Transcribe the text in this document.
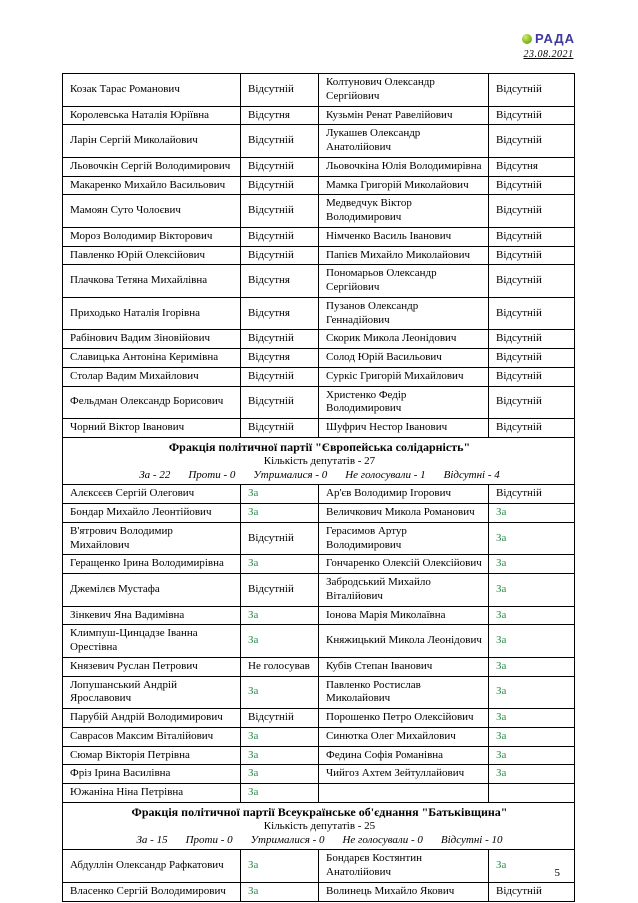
РАДА
23.08.2021
Козак Тарас Романович	Відсутній	Колтунович Олександр Сергійович	Відсутній
Королевська Наталія Юріївна	Відсутня	Кузьмін Ренат Равелійович	Відсутній
Ларін Сергій Миколайович	Відсутній	Лукашев Олександр Анатолійович	Відсутній
Льовочкін Сергій Володимирович	Відсутній	Льовочкіна Юлія Володимирівна	Відсутня
Макаренко Михайло Васильович	Відсутній	Мамка Григорій Миколайович	Відсутній
Мамоян Суто Чолоєвич	Відсутній	Медведчук Віктор Володимирович	Відсутній
Мороз Володимир Вікторович	Відсутній	Німченко Василь Іванович	Відсутній
Павленко Юрій Олексійович	Відсутній	Папієв Михайло Миколайович	Відсутній
Плачкова Тетяна Михайлівна	Відсутня	Пономарьов Олександр Сергійович	Відсутній
Приходько Наталія Ігорівна	Відсутня	Пузанов Олександр Геннадійович	Відсутній
Рабінович Вадим Зіновійович	Відсутній	Скорик Микола Леонідович	Відсутній
Славицька Антоніна Керимівна	Відсутня	Солод Юрій Васильович	Відсутній
Столар Вадим Михайлович	Відсутній	Суркіс Григорій Михайлович	Відсутній
Фельдман Олександр Борисович	Відсутній	Христенко Федір Володимирович	Відсутній
Чорний Віктор Іванович	Відсутній	Шуфрич Нестор Іванович	Відсутній

Фракція політичної партії "Європейська солідарність"
Кількість депутатів - 27
За - 22 Проти - 0 Утрималися - 0 Не голосували - 1 Відсутні - 4			

Алєксєєв Сергій Олегович	За	Ар'єв Володимир Ігорович	Відсутній
Бондар Михайло Леонтійович	За	Величкович Микола Романович	За
В'ятрович Володимир Михайлович	Відсутній	Герасимов Артур Володимирович	За
Геращенко Ірина Володимирівна	За	Гончаренко Олексій Олексійович	За
Джемілєв Мустафа	Відсутній	Забродський Михайло Віталійович	За
Зінкевич Яна Вадимівна	За	Іонова Марія Миколаївна	За
Климпуш-Цинцадзе Іванна Орестівна	За	Княжицький Микола Леонідович	За
Князевич Руслан Петрович	Не голосував	Кубів Степан Іванович	За
Лопушанський Андрій Ярославович	За	Павленко Ростислав Миколайович	За
Парубій Андрій Володимирович	Відсутній	Порошенко Петро Олексійович	За
Саврасов Максим Віталійович	За	Синютка Олег Михайлович	За
Сюмар Вікторія Петрівна	За	Федина Софія Романівна	За
Фріз Ірина Василівна	За	Чийгоз Ахтем Зейтуллайович	За
Южаніна Ніна Петрівна	За		

Фракція політичної партії Всеукраїнське об'єднання "Батьківщина"
Кількість депутатів - 25
За - 15 Проти - 0 Утрималися - 0 Не голосували - 0 Відсутні - 10			

Абдуллін Олександр Рафкатович	За	Бондарєв Костянтин Анатолійович	За
Власенко Сергій Володимирович	За	Волинець Михайло Якович	Відсутній
5
